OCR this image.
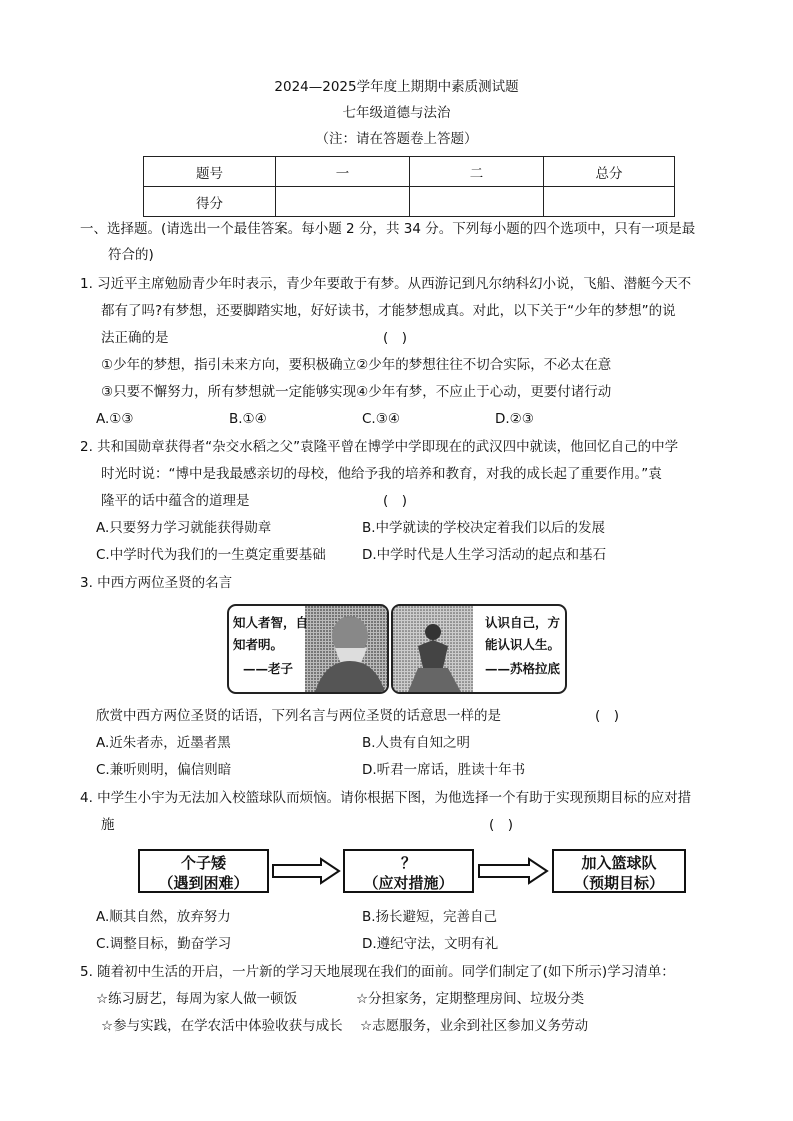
2024—2025学年度上期期中素质测试题
七年级道德与法治
（注：请在答题卷上答题）
题号	一	二	总分
得分			
一、选择题。(请选出一个最佳答案。每小题 2 分，共 34 分。下列每小题的四个选项中，只有一项是最
符合的)
1. 习近平主席勉励青少年时表示，青少年要敢于有梦。从西游记到凡尔纳科幻小说，飞船、潜艇今天不
都有了吗?有梦想，还要脚踏实地，好好读书，才能梦想成真。对此，以下关于“少年的梦想”的说
法正确的是	(　)
①少年的梦想，指引未来方向，要积极确立②少年的梦想往往不切合实际，不必太在意
③只要不懈努力，所有梦想就一定能够实现④少年有梦，不应止于心动，更要付诸行动
A.①③	B.①④	C.③④	D.②③
2. 共和国勋章获得者“杂交水稻之父”袁隆平曾在博学中学即现在的武汉四中就读，他回忆自己的中学
时光时说：“博中是我最感亲切的母校，他给予我的培养和教育，对我的成长起了重要作用。”袁
隆平的话中蕴含的道理是	(　)
A.只要努力学习就能获得勋章	B.中学就读的学校决定着我们以后的发展
C.中学时代为我们的一生奠定重要基础	D.中学时代是人生学习活动的起点和基石
3. 中西方两位圣贤的名言
知人者智，自
知者明。
——老子
认识自己，方
能认识人生。
——苏格拉底
欣赏中西方两位圣贤的话语，下列名言与两位圣贤的话意思一样的是	(　)
A.近朱者赤，近墨者黑	B.人贵有自知之明
C.兼听则明，偏信则暗	D.听君一席话，胜读十年书
4. 中学生小宇为无法加入校篮球队而烦恼。请你根据下图，为他选择一个有助于实现预期目标的应对措
施	(　)
个子矮
（遇到困难）
？
（应对措施）
加入篮球队
（预期目标）
A.顺其自然，放弃努力	B.扬长避短，完善自己
C.调整目标，勤奋学习	D.遵纪守法，文明有礼
5. 随着初中生活的开启，一片新的学习天地展现在我们的面前。同学们制定了(如下所示)学习清单：
☆练习厨艺，每周为家人做一顿饭	☆分担家务，定期整理房间、垃圾分类
☆参与实践，在学农活中体验收获与成长 ☆志愿服务，业余到社区参加义务劳动
